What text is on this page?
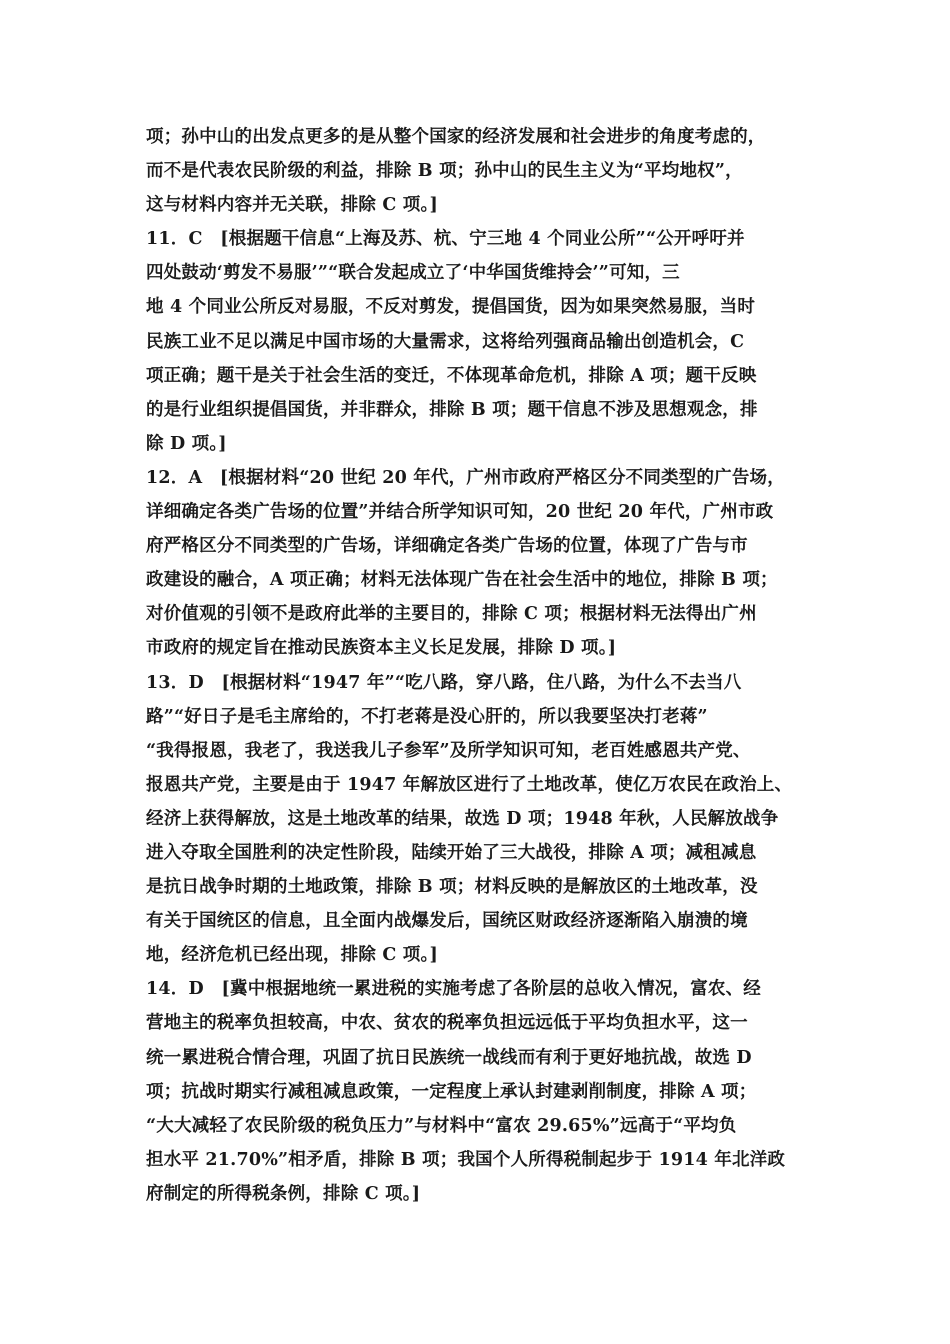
项；孙中山的出发点更多的是从整个国家的经济发展和社会进步的角度考虑的，
而不是代表农民阶级的利益，排除 B 项；孙中山的民生主义为“平均地权”，
这与材料内容并无关联，排除 C 项。]
11．C　[根据题干信息“上海及苏、杭、宁三地 4 个同业公所”“公开呼吁并
四处鼓动‘剪发不易服’”“联合发起成立了‘中华国货维持会’”可知，三
地 4 个同业公所反对易服，不反对剪发，提倡国货，因为如果突然易服，当时
民族工业不足以满足中国市场的大量需求，这将给列强商品输出创造机会，C
项正确；题干是关于社会生活的变迁，不体现革命危机，排除 A 项；题干反映
的是行业组织提倡国货，并非群众，排除 B 项；题干信息不涉及思想观念，排
除 D 项。]
12．A　[根据材料“20 世纪 20 年代，广州市政府严格区分不同类型的广告场，
详细确定各类广告场的位置”并结合所学知识可知，20 世纪 20 年代，广州市政
府严格区分不同类型的广告场，详细确定各类广告场的位置，体现了广告与市
政建设的融合，A 项正确；材料无法体现广告在社会生活中的地位，排除 B 项；
对价值观的引领不是政府此举的主要目的，排除 C 项；根据材料无法得出广州
市政府的规定旨在推动民族资本主义长足发展，排除 D 项。]
13．D　[根据材料“1947 年”“吃八路，穿八路，住八路，为什么不去当八
路”“好日子是毛主席给的，不打老蒋是没心肝的，所以我要坚决打老蒋”
“我得报恩，我老了，我送我儿子参军”及所学知识可知，老百姓感恩共产党、
报恩共产党，主要是由于 1947 年解放区进行了土地改革，使亿万农民在政治上、
经济上获得解放，这是土地改革的结果，故选 D 项；1948 年秋，人民解放战争
进入夺取全国胜利的决定性阶段，陆续开始了三大战役，排除 A 项；减租减息
是抗日战争时期的土地政策，排除 B 项；材料反映的是解放区的土地改革，没
有关于国统区的信息，且全面内战爆发后，国统区财政经济逐渐陷入崩溃的境
地，经济危机已经出现，排除 C 项。]
14．D　[冀中根据地统一累进税的实施考虑了各阶层的总收入情况，富农、经
营地主的税率负担较高，中农、贫农的税率负担远远低于平均负担水平，这一
统一累进税合情合理，巩固了抗日民族统一战线而有利于更好地抗战，故选 D
项；抗战时期实行减租减息政策，一定程度上承认封建剥削制度，排除 A 项；
“大大减轻了农民阶级的税负压力”与材料中“富农 29.65%”远高于“平均负
担水平 21.70%”相矛盾，排除 B 项；我国个人所得税制起步于 1914 年北洋政
府制定的所得税条例，排除 C 项。]
